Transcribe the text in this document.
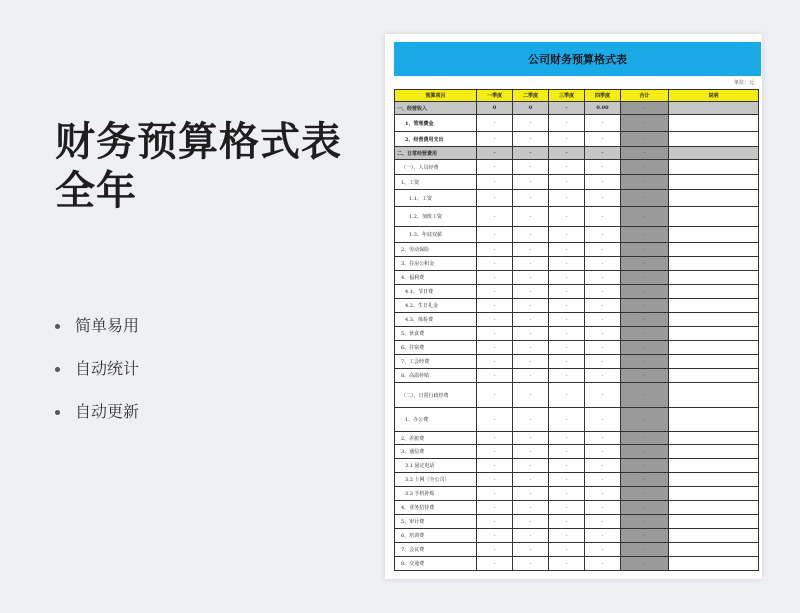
财务预算格式表
全年
简单易用
自动统计
自动更新
公司财务预算格式表
单位：元
预算项目	一季度	二季度	三季度	四季度	合计	说明
一、经营收入	0	0	-	0.00	-	
1、管理費金	-	-	-	-	-	
2、经营费用支出	-	-	-	-	-	
二、日常经营费用	-	-	-	-	-	
（一）、人员经费	-	-	-	-	-	
1、工资	-	-	-	-	-	
1.1、工资	-	-	-	-	-	
1.2、加班工资	-	-	-	-	-	
1.3、年底双薪	-	-	-	-	-	
2、劳动保险	-	-	-	-	-	
3、住房公积金	-	-	-	-	-	
4、福利费	-	-	-	-	-	
4.1、节日费	-	-	-	-	-	
4.2、生日礼金	-	-	-	-	-	
4.3、体检费	-	-	-	-	-	
5、伙食费	-	-	-	-	-	
6、住宿费	-	-	-	-	-	
7、工会经费	-	-	-	-	-	
8、高温补贴	-	-	-	-	-	
（二）、日常行政经费	-	-	-	-	-	
1、办公费	-	-	-	-	-	
2、差旅费	-	-	-	-	-	
3、通信费	-	-	-	-	-	
3.1 固定电话	-	-	-	-	-	
3.2 上网（全公司）	-	-	-	-	-	
3.3 手机补贴	-	-	-	-	-	
4、业务招待费	-	-	-	-	-	
5、审计费	-	-	-	-	-	
6、培训费	-	-	-	-	-	
7、会议费	-	-	-	-	-	
8、交通费	-	-	-	-	-	
